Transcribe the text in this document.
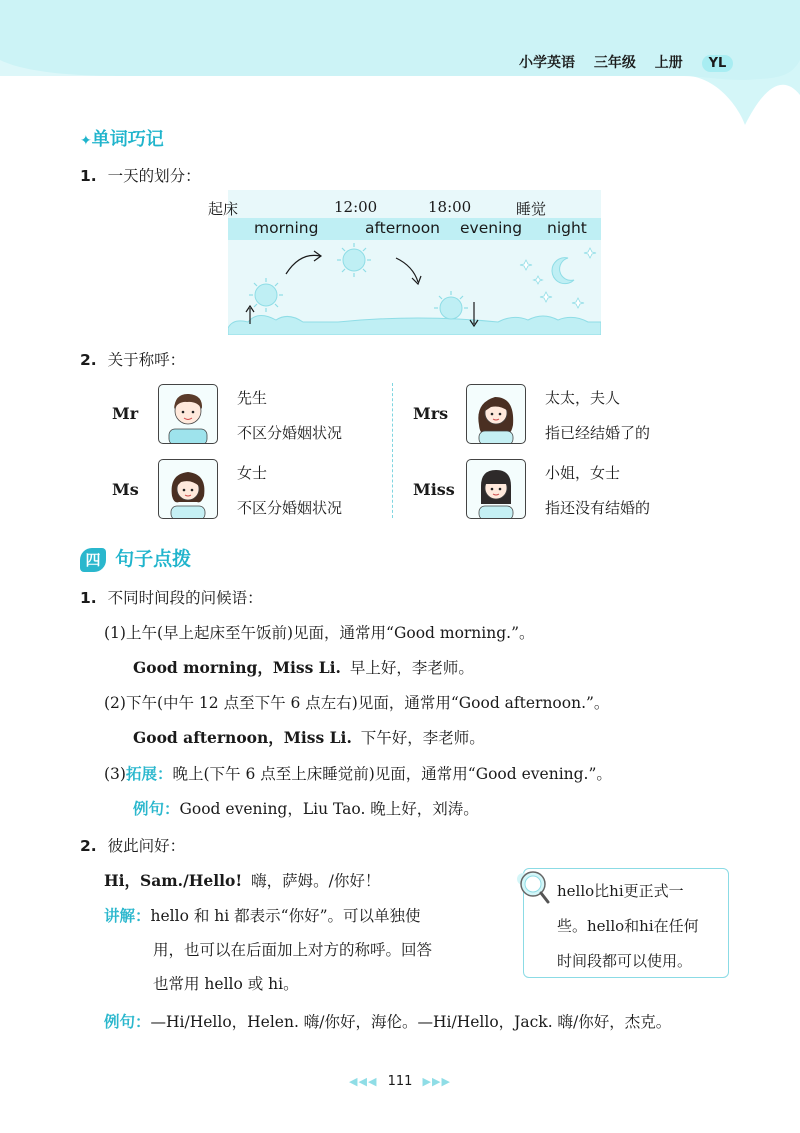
小学英语 三年级 上册 YL
✦单词巧记
1. 一天的划分：
起床	12:00	18:00	睡觉
morning	afternoon evening night
2. 关于称呼：
Mr
先生
不区分婚姻状况
Mrs
太太，夫人
指已经结婚了的
Ms
女士
不区分婚姻状况
Miss
小姐，女士
指还没有结婚的
四 句子点拨
1. 不同时间段的问候语：
(1)上午(早上起床至午饭前)见面，通常用“Good morning.”。
Good morning，Miss Li. 早上好，李老师。
(2)下午(中午 12 点至下午 6 点左右)见面，通常用“Good afternoon.”。
Good afternoon，Miss Li. 下午好，李老师。
(3)拓展：晚上(下午 6 点至上床睡觉前)见面，通常用“Good evening.”。
例句：Good evening，Liu Tao. 晚上好，刘涛。
2. 彼此问好：
Hi，Sam./Hello! 嗨，萨姆。/你好！
讲解：hello 和 hi 都表示“你好”。可以单独使
用，也可以在后面加上对方的称呼。回答
也常用 hello 或 hi。
hello比hi更正式一
些。hello和hi在任何
时间段都可以使用。
例句：—Hi/Hello，Helen. 嗨/你好，海伦。—Hi/Hello，Jack. 嗨/你好，杰克。
◀◀◀ 111 ▶▶▶
